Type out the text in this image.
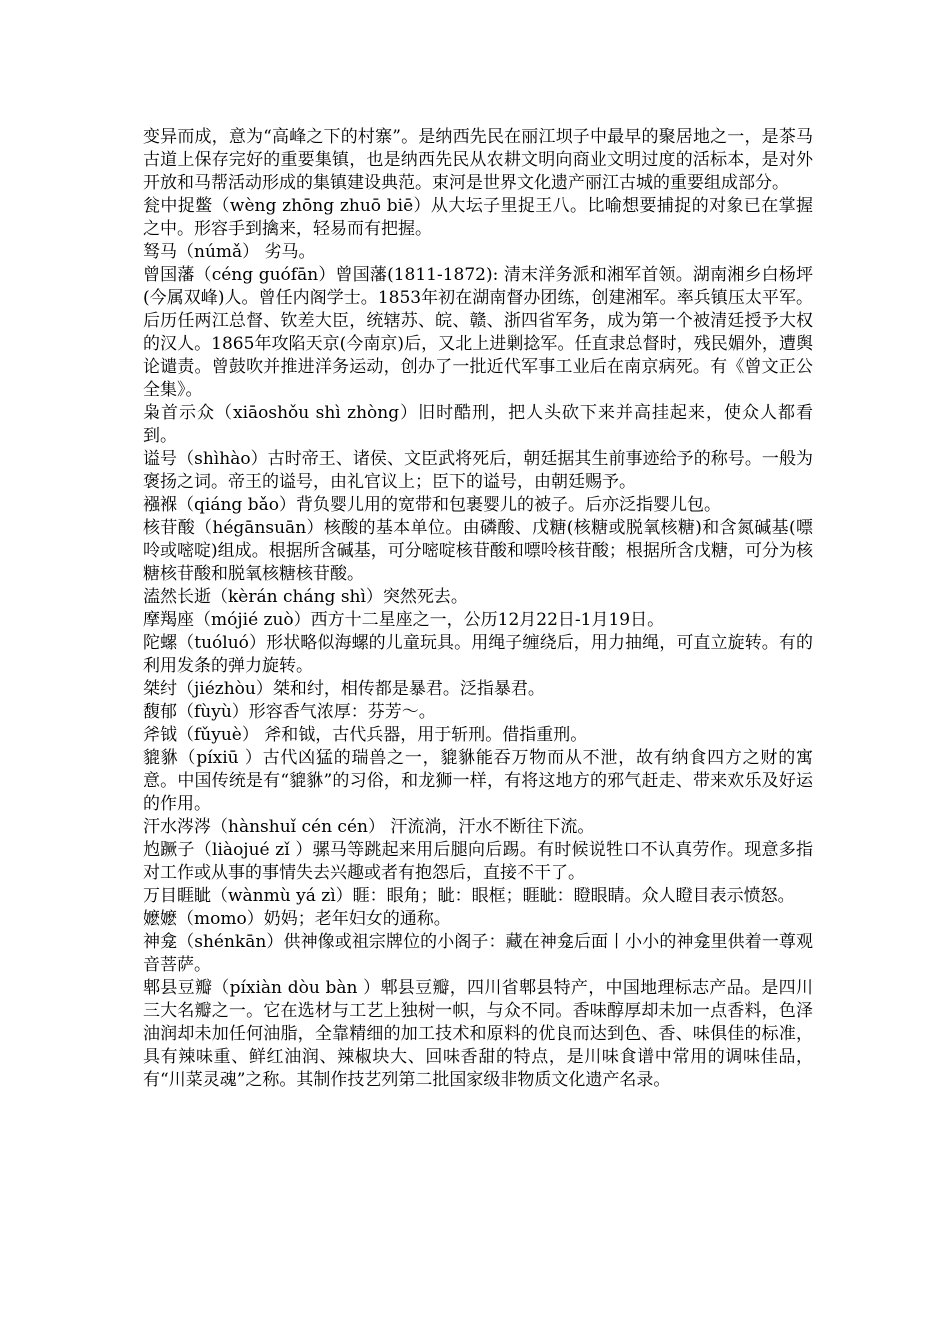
变异而成，意为“高峰之下的村寨”。是纳西先民在丽江坝子中最早的聚居地之一，是茶马古道上保存完好的重要集镇，也是纳西先民从农耕文明向商业文明过度的活标本，是对外开放和马帮活动形成的集镇建设典范。束河是世界文化遗产丽江古城的重要组成部分。

瓮中捉鳖（wèng zhōng zhuō biē）从大坛子里捉王八。比喻想要捕捉的对象已在掌握之中。形容手到擒来，轻易而有把握。

驽马（númǎ） 劣马。

曾国藩（céng guófān）曾国藩(1811-1872): 清末洋务派和湘军首领。湖南湘乡白杨坪(今属双峰)人。曾任内阁学士。1853年初在湖南督办团练，创建湘军。率兵镇压太平军。后历任两江总督、钦差大臣，统辖苏、皖、赣、浙四省军务，成为第一个被清廷授予大权的汉人。1865年攻陷天京(今南京)后，又北上进剿捻军。任直隶总督时，残民媚外，遭舆论谴责。曾鼓吹并推进洋务运动，创办了一批近代军事工业后在南京病死。有《曾文正公全集》。

枭首示众（xiāoshǒu shì zhòng）旧时酷刑，把人头砍下来并高挂起来，使众人都看到。

谥号（shìhào）古时帝王、诸侯、文臣武将死后，朝廷据其生前事迹给予的称号。一般为褒扬之词。帝王的谥号，由礼官议上；臣下的谥号，由朝廷赐予。

襁褓（qiáng bǎo）背负婴儿用的宽带和包裹婴儿的被子。后亦泛指婴儿包。

核苷酸（hégānsuān）核酸的基本单位。由磷酸、戊糖(核糖或脱氧核糖)和含氮碱基(嘌呤或嘧啶)组成。根据所含碱基，可分嘧啶核苷酸和嘌呤核苷酸；根据所含戊糖，可分为核糖核苷酸和脱氧核糖核苷酸。

溘然长逝（kèrán cháng shì）突然死去。

摩羯座（mójié zuò）西方十二星座之一，公历12月22日-1月19日。

陀螺（tuóluó）形状略似海螺的儿童玩具。用绳子缠绕后，用力抽绳，可直立旋转。有的利用发条的弹力旋转。

桀纣（jiézhòu）桀和纣，相传都是暴君。泛指暴君。

馥郁（fùyù）形容香气浓厚：芬芳～。

斧钺（fǔyuè） 斧和钺，古代兵器，用于斩刑。借指重刑。

貔貅（píxiū ）古代凶猛的瑞兽之一，貔貅能吞万物而从不泄，故有纳食四方之财的寓意。中国传统是有“貔貅”的习俗，和龙狮一样，有将这地方的邪气赶走、带来欢乐及好运的作用。

汗水涔涔（hànshuǐ cén cén） 汗流淌，汗水不断往下流。

尥蹶子（liàojué zǐ ）骡马等跳起来用后腿向后踢。有时候说牲口不认真劳作。现意多指对工作或从事的事情失去兴趣或者有抱怨后，直接不干了。

万目睚眦（wànmù yá zì）睚：眼角；眦：眼框；睚眦：瞪眼睛。众人瞪目表示愤怒。

嬷嬷（momo）奶妈；老年妇女的通称。

神龛（shénkān）供神像或祖宗牌位的小阁子：藏在神龛后面丨小小的神龛里供着一尊观音菩萨。

郫县豆瓣（píxiàn dòu bàn ）郫县豆瓣，四川省郫县特产，中国地理标志产品。是四川三大名瓣之一。它在选材与工艺上独树一帜，与众不同。香味醇厚却未加一点香料，色泽油润却未加任何油脂，全靠精细的加工技术和原料的优良而达到色、香、味俱佳的标准，具有辣味重、鲜红油润、辣椒块大、回味香甜的特点，是川味食谱中常用的调味佳品，有“川菜灵魂”之称。其制作技艺列第二批国家级非物质文化遗产名录。
